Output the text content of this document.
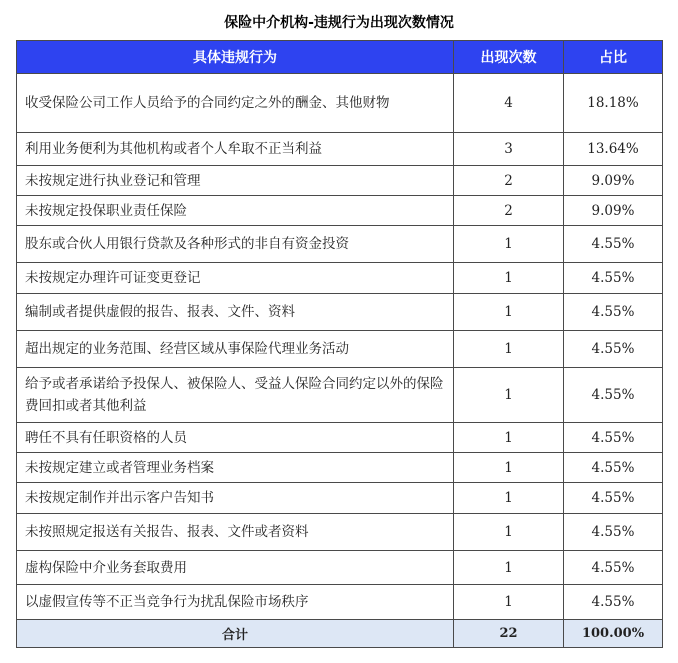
保险中介机构-违规行为出现次数情况
具体违规行为	出现次数	占比
收受保险公司工作人员给予的合同约定之外的酬金、其他财物	4	18.18%
利用业务便利为其他机构或者个人牟取不正当利益	3	13.64%
未按规定进行执业登记和管理	2	9.09%
未按规定投保职业责任保险	2	9.09%
股东或合伙人用银行贷款及各种形式的非自有资金投资	1	4.55%
未按规定办理许可证变更登记	1	4.55%
编制或者提供虚假的报告、报表、文件、资料	1	4.55%
超出规定的业务范围、经营区域从事保险代理业务活动	1	4.55%
给予或者承诺给予投保人、被保险人、受益人保险合同约定以外的保险费回扣或者其他利益	1	4.55%
聘任不具有任职资格的人员	1	4.55%
未按规定建立或者管理业务档案	1	4.55%
未按规定制作并出示客户告知书	1	4.55%
未按照规定报送有关报告、报表、文件或者资料	1	4.55%
虚构保险中介业务套取费用	1	4.55%
以虚假宣传等不正当竞争行为扰乱保险市场秩序	1	4.55%
合计	22	100.00%
